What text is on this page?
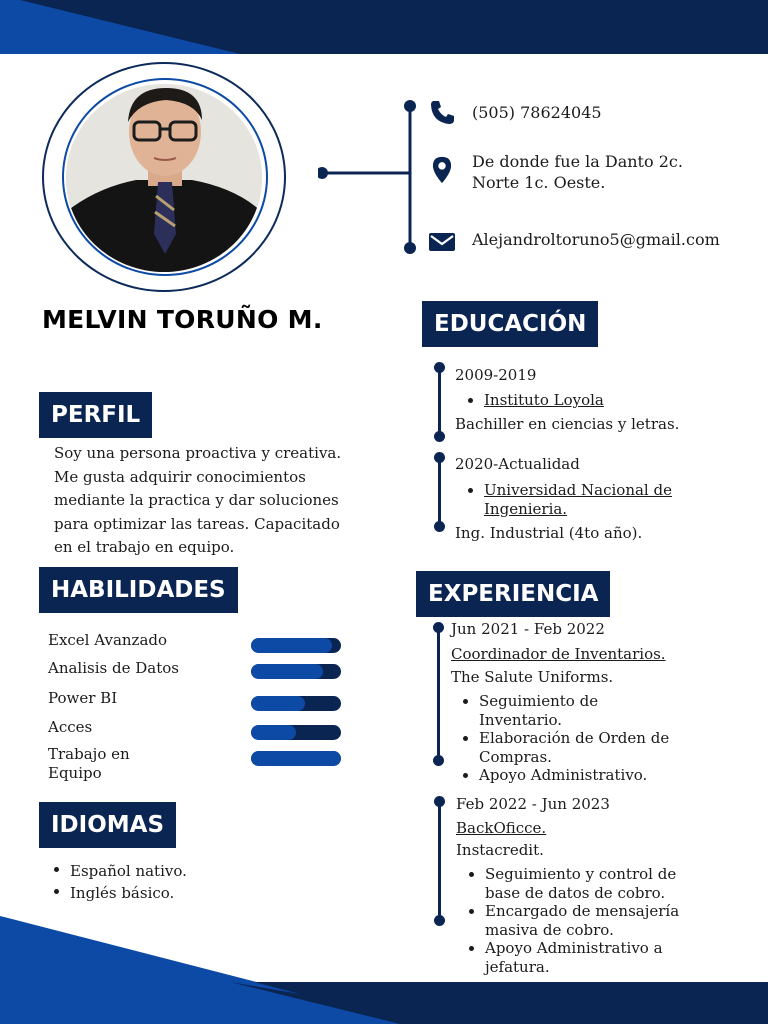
(505) 78624045
De donde fue la Danto 2c.
Norte 1c. Oeste.
Alejandroltoruno5@gmail.com
MELVIN TORUÑO M.
PERFIL
Soy una persona proactiva y creativa.
Me gusta adquirir conocimientos
mediante la practica y dar soluciones
para optimizar las tareas. Capacitado
en el trabajo en equipo.
HABILIDADES
Excel Avanzado
Analisis de Datos
Power BI
Acces
Trabajo en
Equipo
IDIOMAS
Español nativo.
Inglés básico.
EDUCACIÓN
2009-2019
Instituto Loyola
Bachiller en ciencias y letras.
2020-Actualidad
Universidad Nacional de
Ingenieria.
Ing. Industrial (4to año).
EXPERIENCIA
Jun 2021 - Feb 2022
Coordinador de Inventarios.
The Salute Uniforms.
Seguimiento de
Inventario.
Elaboración de Orden de
Compras.
Apoyo Administrativo.
Feb 2022 - Jun 2023
BackOficce.
Instacredit.
Seguimiento y control de
base de datos de cobro.
Encargado de mensajería
masiva de cobro.
Apoyo Administrativo a
jefatura.
